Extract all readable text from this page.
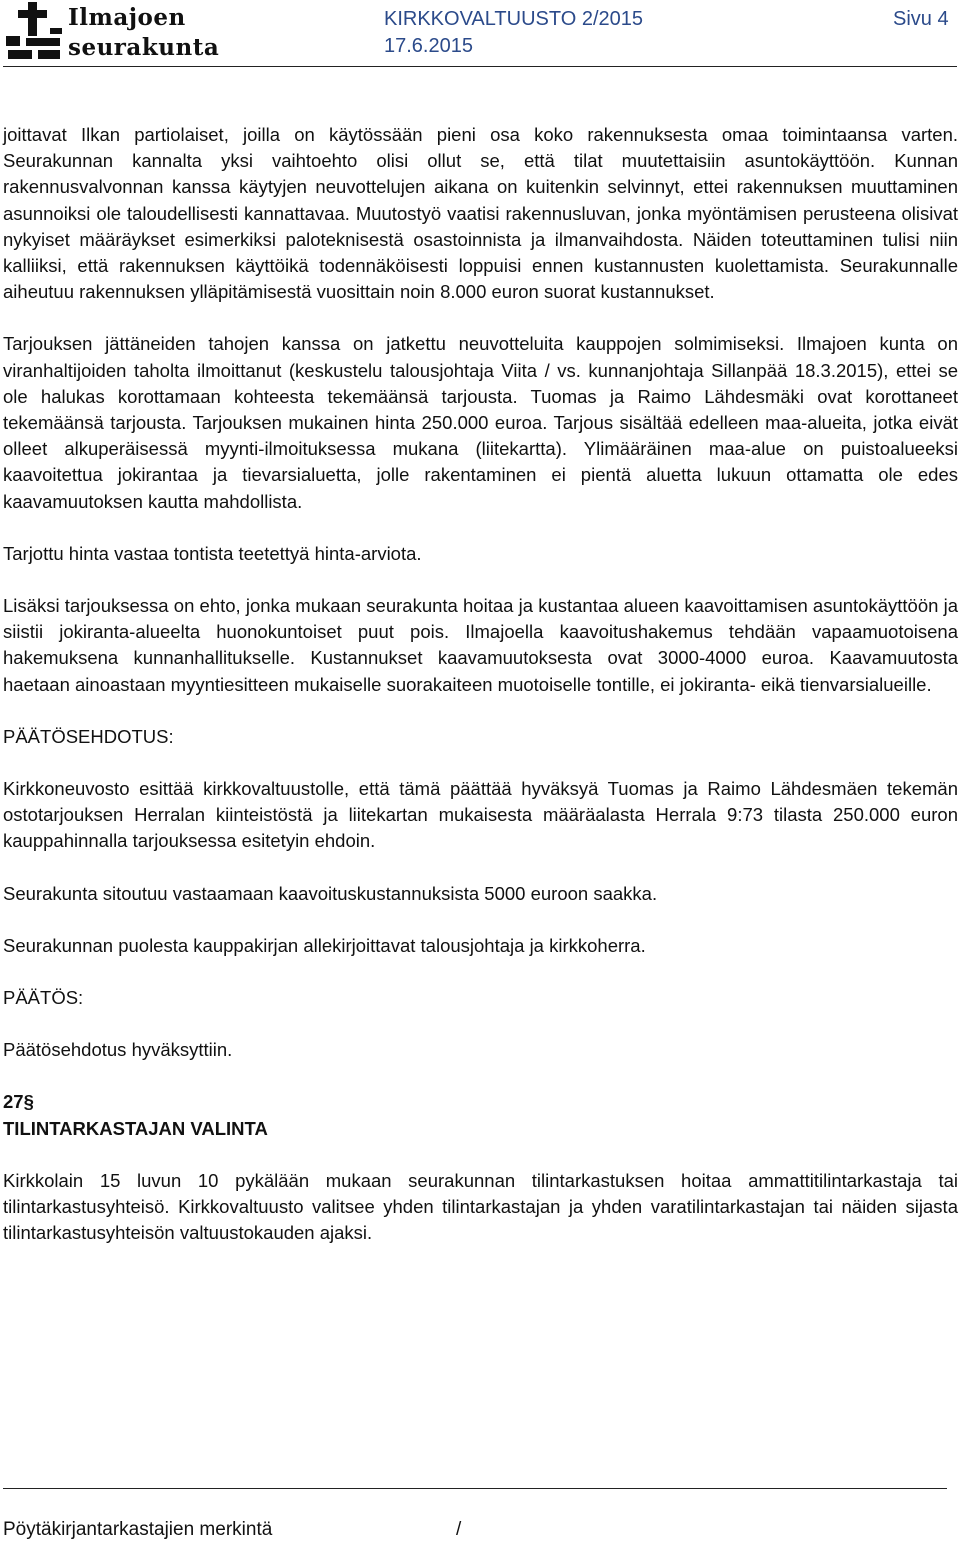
Ilmajoen
seurakunta
KIRKKOVALTUUSTO 2/2015
17.6.2015
Sivu 4

joittavat Ilkan partiolaiset, joilla on käytössään pieni osa koko rakennuksesta omaa toimintaansa varten. Seurakunnan kannalta yksi vaihtoehto olisi ollut se, että tilat muutettaisiin asuntokäyttöön. Kunnan rakennusvalvonnan kanssa käytyjen neuvottelujen aikana on kuitenkin selvinnyt, ettei rakennuksen muuttaminen asunnoiksi ole taloudellisesti kannattavaa. Muutostyö vaatisi rakennusluvan, jonka myöntämisen perusteena olisivat nykyiset määräykset esimerkiksi paloteknisestä osastoinnista ja ilmanvaihdosta. Näiden toteuttaminen tulisi niin kalliiksi, että rakennuksen käyttöikä todennäköisesti loppuisi ennen kustannusten kuolettamista. Seurakunnalle aiheutuu rakennuksen ylläpitämisestä vuosittain noin 8.000 euron suorat kustannukset.

Tarjouksen jättäneiden tahojen kanssa on jatkettu neuvotteluita kauppojen solmimiseksi. Ilmajoen kunta on viranhaltijoiden taholta ilmoittanut (keskustelu talousjohtaja Viita / vs. kunnanjohtaja Sillanpää 18.3.2015), ettei se ole halukas korottamaan kohteesta tekemäänsä tarjousta. Tuomas ja Raimo Lähdesmäki ovat korottaneet tekemäänsä tarjousta. Tarjouksen mukainen hinta 250.000 euroa. Tarjous sisältää edelleen maa-alueita, jotka eivät olleet alkuperäisessä myynti-ilmoituksessa mukana (liitekartta). Ylimääräinen maa-alue on puistoalueeksi kaavoitettua jokirantaa ja tievarsialuetta, jolle rakentaminen ei pientä aluetta lukuun ottamatta ole edes kaavamuutoksen kautta mahdollista.

Tarjottu hinta vastaa tontista teetettyä hinta-arviota.

Lisäksi tarjouksessa on ehto, jonka mukaan seurakunta hoitaa ja kustantaa alueen kaavoittamisen asuntokäyttöön ja siistii jokiranta-alueelta huonokuntoiset puut pois. Ilmajoella kaavoitushakemus tehdään vapaamuotoisena hakemuksena kunnanhallitukselle. Kustannukset kaavamuutoksesta ovat 3000-4000 euroa. Kaavamuutosta haetaan ainoastaan myyntiesitteen mukaiselle suorakaiteen muotoiselle tontille, ei jokiranta- eikä tienvarsialueille.

PÄÄTÖSEHDOTUS:

Kirkkoneuvosto esittää kirkkovaltuustolle, että tämä päättää hyväksyä Tuomas ja Raimo Lähdesmäen tekemän ostotarjouksen Herralan kiinteistöstä ja liitekartan mukaisesta määräalasta Herrala 9:73 tilasta 250.000 euron kauppahinnalla tarjouksessa esitetyin ehdoin.

Seurakunta sitoutuu vastaamaan kaavoituskustannuksista 5000 euroon saakka.

Seurakunnan puolesta kauppakirjan allekirjoittavat talousjohtaja ja kirkkoherra.

PÄÄTÖS:

Päätösehdotus hyväksyttiin.

27§
TILINTARKASTAJAN VALINTA

Kirkkolain 15 luvun 10 pykälään mukaan seurakunnan tilintarkastuksen hoitaa ammattitilintarkastaja tai tilintarkastusyhteisö. Kirkkovaltuusto valitsee yhden tilintarkastajan ja yhden varatilintarkastajan tai näiden sijasta tilintarkastusyhteisön valtuustokauden ajaksi.

Pöytäkirjantarkastajien merkintä	/
